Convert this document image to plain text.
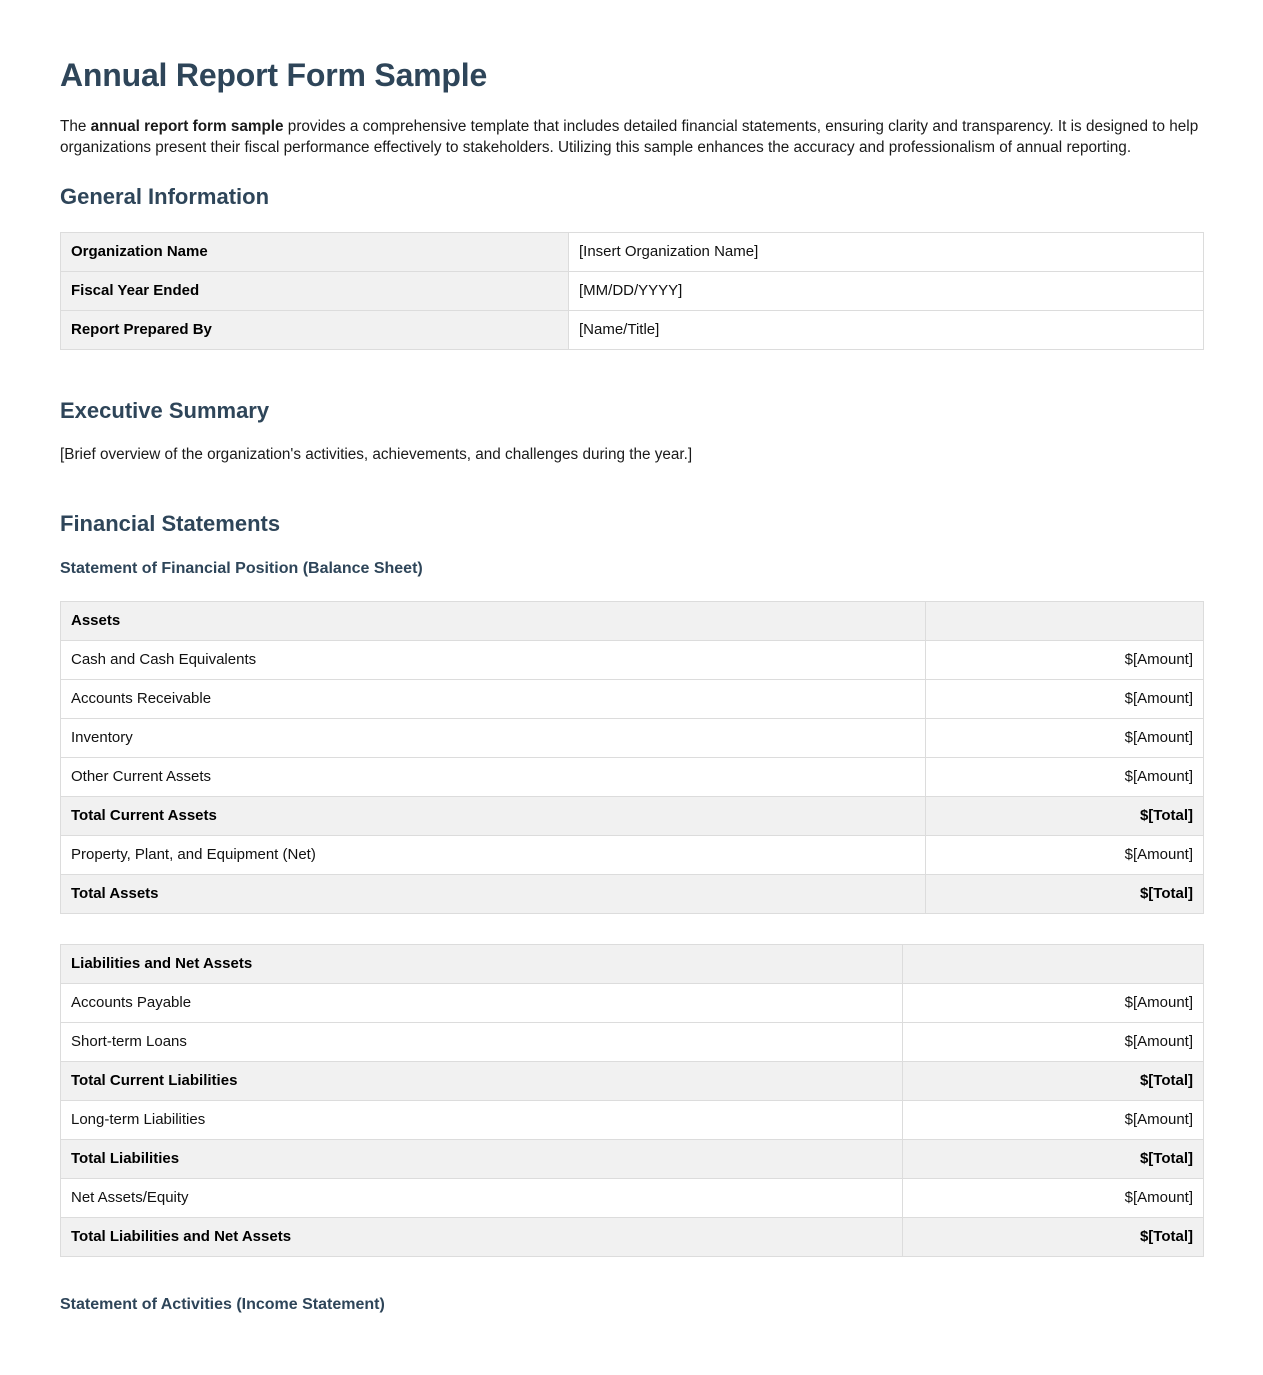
Annual Report Form Sample

The annual report form sample provides a comprehensive template that includes detailed financial statements, ensuring clarity and transparency. It is designed to help organizations present their fiscal performance effectively to stakeholders. Utilizing this sample enhances the accuracy and professionalism of annual reporting.

General Information
Organization Name	[Insert Organization Name]
Fiscal Year Ended	[MM/DD/YYYY]
Report Prepared By	[Name/Title]
Executive Summary

[Brief overview of the organization's activities, achievements, and challenges during the year.]

Financial Statements
Statement of Financial Position (Balance Sheet)
Assets	
Cash and Cash Equivalents	$[Amount]
Accounts Receivable	$[Amount]
Inventory	$[Amount]
Other Current Assets	$[Amount]
Total Current Assets	$[Total]
Property, Plant, and Equipment (Net)	$[Amount]
Total Assets	$[Total]
Liabilities and Net Assets	
Accounts Payable	$[Amount]
Short-term Loans	$[Amount]
Total Current Liabilities	$[Total]
Long-term Liabilities	$[Amount]
Total Liabilities	$[Total]
Net Assets/Equity	$[Amount]
Total Liabilities and Net Assets	$[Total]
Statement of Activities (Income Statement)
